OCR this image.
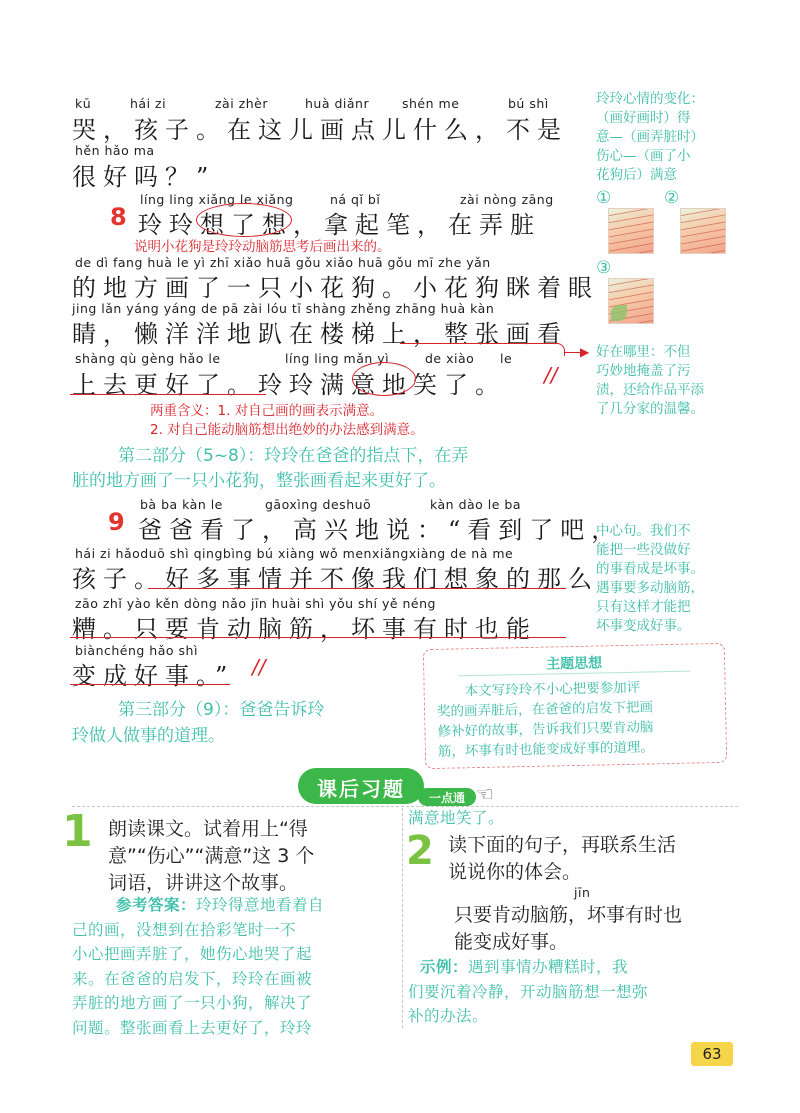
kū	hái zi	zài zhèr	huà diǎnr	shén me	bú shì
哭，孩子。在这儿画点儿什么，不是
hěn hǎo ma
很好吗？”
líng ling xiǎng le xiǎng	ná qǐ bǐ	zài nòng zāng
8 玲玲想了想，拿起笔，在弄脏
说明小花狗是玲玲动脑筋思考后画出来的。
de dì fang huà le yì zhī xiǎo huā gǒu xiǎo huā gǒu mī zhe yǎn
的地方画了一只小花狗。小花狗眯着眼
jing lǎn yáng yáng de pā zài lóu tī shàng zhěng zhāng huà kàn
睛，懒洋洋地趴在楼梯上，整张画看
▶
shàng qù gèng hǎo le	líng ling mǎn yì	de xiào le
上去更好了。玲玲满意地笑了。 //
两重含义：1. 对自己画的画表示满意。
2. 对自己能动脑筋想出绝妙的办法感到满意。
第二部分（5~8）：玲玲在爸爸的指点下，在弄
脏的地方画了一只小花狗，整张画看起来更好了。
bà ba kàn le	gāoxìng deshuō	kàn dào le ba
9 爸爸看了，高兴地说：“看到了吧，
hái zi hǎoduō shì qingbìng bú xiàng wǒ menxiǎngxiàng de nà me
孩子。好多事情并不像我们想象的那么
zāo zhǐ yào kěn dòng nǎo jīn huài shì yǒu shí yě néng
糟。只要肯动脑筋，坏事有时也能
biànchéng hǎo shì
变成好事。” //
第三部分（9）：爸爸告诉玲
玲做人做事的道理。
玲玲心情的变化：
（画好画时）得
意—（画弄脏时）
伤心—（画了小
花狗后）满意
①	②
③
好在哪里：不但
巧妙地掩盖了污
渍，还给作品平添
了几分家的温馨。
中心句。我们不
能把一些没做好
的事看成是坏事。
遇事要多动脑筋，
只有这样才能把
坏事变成好事。
主题思想
本文写玲玲不小心把要参加评
奖的画弄脏后，在爸爸的启发下把画
修补好的故事，告诉我们只要肯动脑
筋，坏事有时也能变成好事的道理。
课后习题	一点通 ☜
1 朗读课文。试着用上“得
意”“伤心”“满意”这 3 个
词语，讲讲这个故事。
参考答案：玲玲得意地看着自
己的画，没想到在拾彩笔时一不
小心把画弄脏了，她伤心地哭了起
来。在爸爸的启发下，玲玲在画被
弄脏的地方画了一只小狗，解决了
问题。整张画看上去更好了，玲玲
满意地笑了。
2 读下面的句子，再联系生活
说说你的体会。
jīn
只要肯动脑筋，坏事有时也
能变成好事。
示例：遇到事情办糟糕时，我
们要沉着冷静，开动脑筋想一想弥
补的办法。
63
